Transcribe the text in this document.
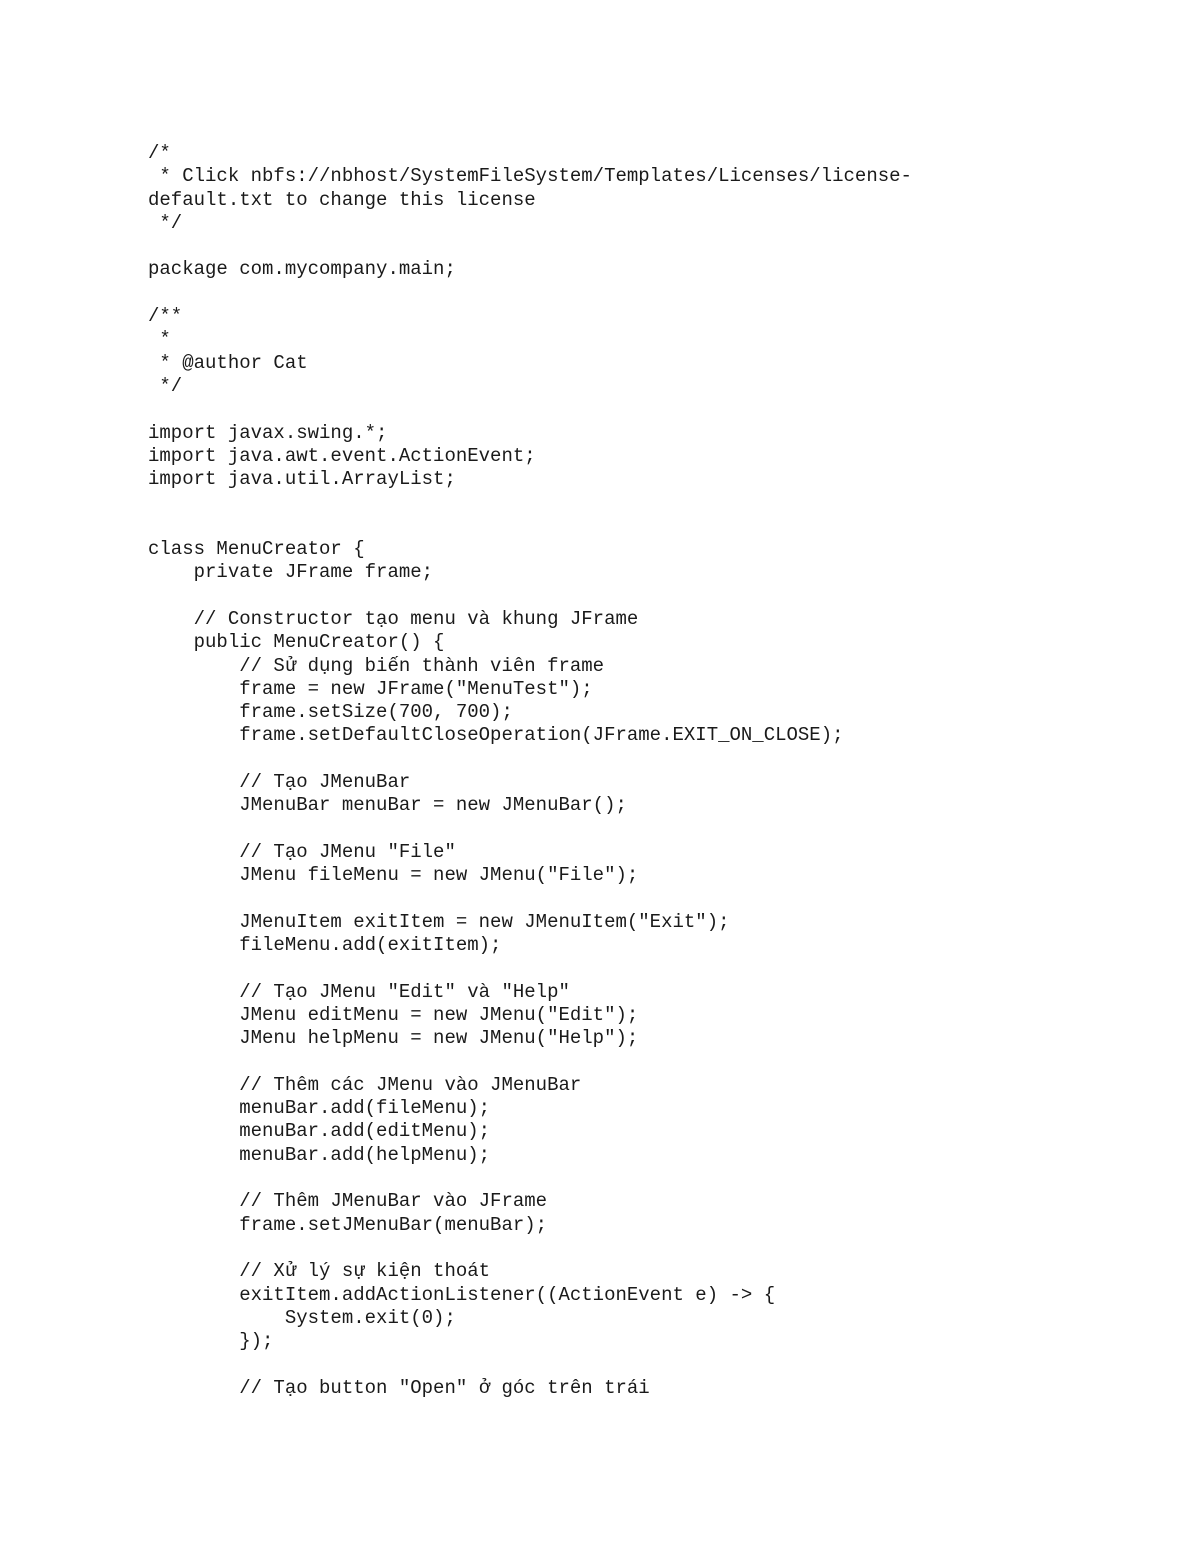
/*
* Click nbfs://nbhost/SystemFileSystem/Templates/Licenses/license-
default.txt to change this license
*/
package com.mycompany.main;
/**
*
* @author Cat
*/
import javax.swing.*;
import java.awt.event.ActionEvent;
import java.util.ArrayList;
class MenuCreator {
private JFrame frame;
// Constructor tạo menu và khung JFrame
public MenuCreator() {
// Sử dụng biến thành viên frame
frame = new JFrame("MenuTest");
frame.setSize(700, 700);
frame.setDefaultCloseOperation(JFrame.EXIT_ON_CLOSE);
// Tạo JMenuBar
JMenuBar menuBar = new JMenuBar();
// Tạo JMenu "File"
JMenu fileMenu = new JMenu("File");
JMenuItem exitItem = new JMenuItem("Exit");
fileMenu.add(exitItem);
// Tạo JMenu "Edit" và "Help"
JMenu editMenu = new JMenu("Edit");
JMenu helpMenu = new JMenu("Help");
// Thêm các JMenu vào JMenuBar
menuBar.add(fileMenu);
menuBar.add(editMenu);
menuBar.add(helpMenu);
// Thêm JMenuBar vào JFrame
frame.setJMenuBar(menuBar);
// Xử lý sự kiện thoát
exitItem.addActionListener((ActionEvent e) -> {
System.exit(0);
});
// Tạo button "Open" ở góc trên trái
